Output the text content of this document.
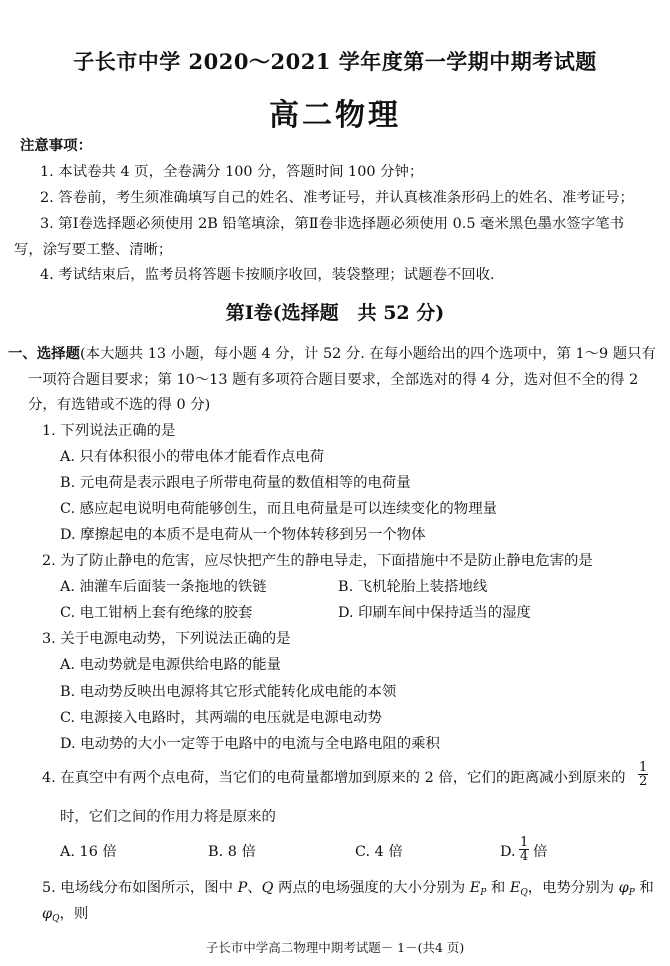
子长市中学 2020～2021 学年度第一学期中期考试题
高二物理
注意事项：
1. 本试卷共 4 页，全卷满分 100 分，答题时间 100 分钟；
2. 答卷前，考生须准确填写自己的姓名、准考证号，并认真核准条形码上的姓名、准考证号；
3. 第Ⅰ卷选择题必须使用 2B 铅笔填涂，第Ⅱ卷非选择题必须使用 0.5 毫米黑色墨水签字笔书
写，涂写要工整、清晰；
4. 考试结束后，监考员将答题卡按顺序收回，装袋整理；试题卷不回收.
第Ⅰ卷(选择题　共 52 分)
一、选择题(本大题共 13 小题，每小题 4 分，计 52 分. 在每小题给出的四个选项中，第 1～9 题只有
一项符合题目要求；第 10～13 题有多项符合题目要求，全部选对的得 4 分，选对但不全的得 2
分，有选错或不选的得 0 分)
1. 下列说法正确的是
A. 只有体积很小的带电体才能看作点电荷
B. 元电荷是表示跟电子所带电荷量的数值相等的电荷量
C. 感应起电说明电荷能够创生，而且电荷量是可以连续变化的物理量
D. 摩擦起电的本质不是电荷从一个物体转移到另一个物体
2. 为了防止静电的危害，应尽快把产生的静电导走，下面措施中不是防止静电危害的是
A. 油灌车后面装一条拖地的铁链	B. 飞机轮胎上装搭地线
C. 电工钳柄上套有绝缘的胶套	D. 印刷车间中保持适当的湿度
3. 关于电源电动势，下列说法正确的是
A. 电动势就是电源供给电路的能量
B. 电动势反映出电源将其它形式能转化成电能的本领
C. 电源接入电路时，其两端的电压就是电源电动势
D. 电动势的大小一定等于电路中的电流与全电路电阻的乘积
4. 在真空中有两个点电荷，当它们的电荷量都增加到原来的 2 倍，它们的距离减小到原来的 $\frac{1}{2}$
时，它们之间的作用力将是原来的
A. 16 倍	B. 8 倍	C. 4 倍	D. $\frac{1}{4}$ 倍
5. 电场线分布如图所示，图中 P、Q 两点的电场强度的大小分别为 $E_P$ 和 $E_Q$，电势分别为 $\varphi_P$ 和
$\varphi_Q$，则
子长市中学高二物理中期考试题－ 1－(共4 页)
